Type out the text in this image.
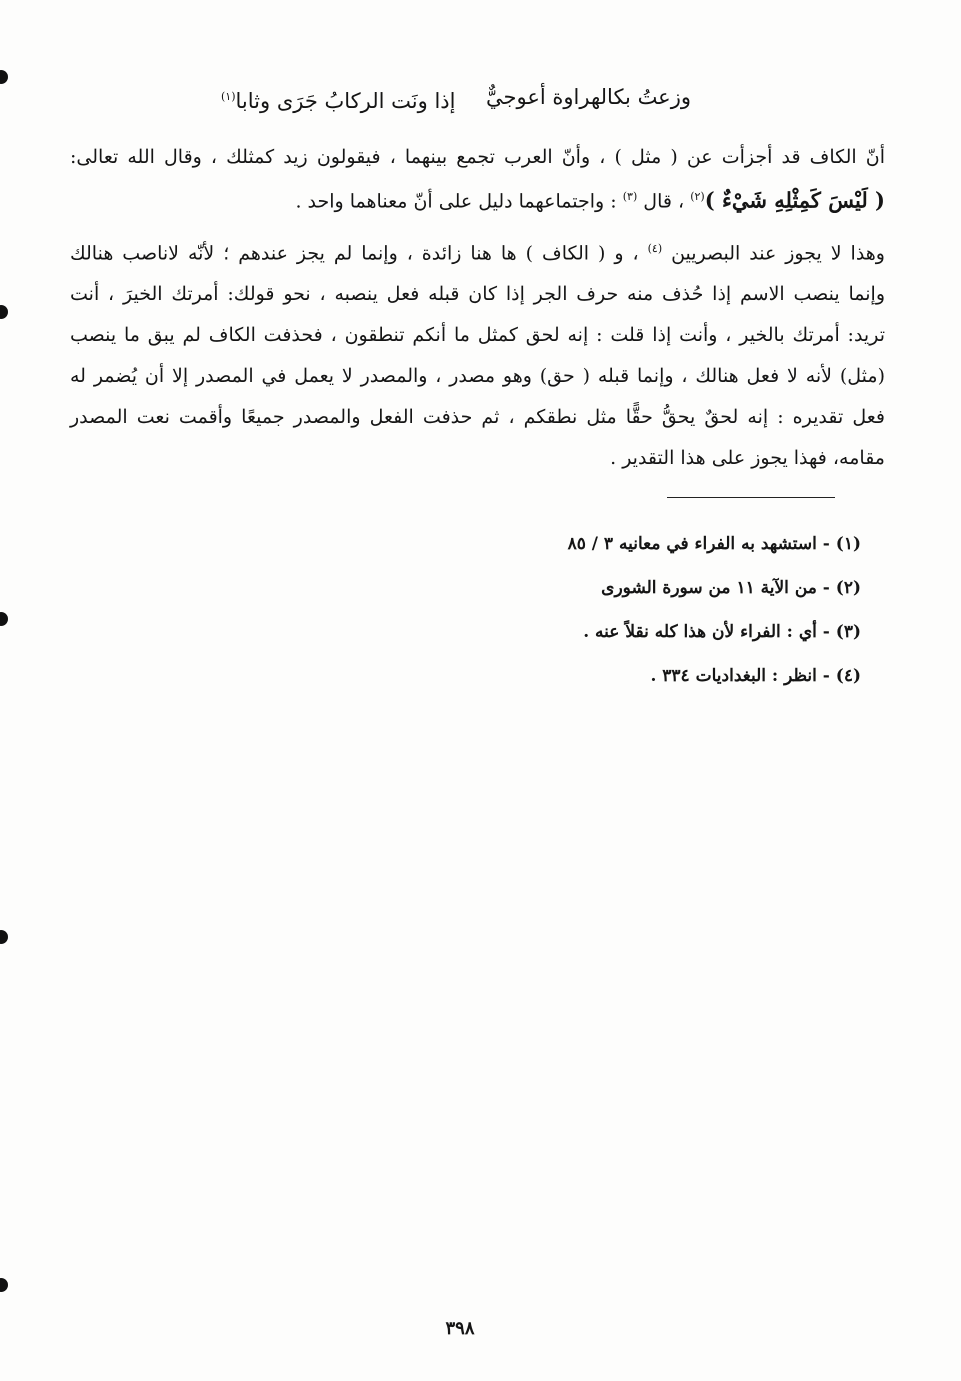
وزعتُ بكالهراوة أعوجيٌّ
إذا ونَت الركابُ جَرَى وثابا$^{(١)}$
أنّ الكاف قد أجزأت عن ( مثل ) ، وأنّ العرب تجمع بينهما ، فيقولون زيد كمثلك ، وقال الله تعالى:
( لَيْسَ كَمِثْلِهِ شَيْءٌ )$^{(٢)}$ ، قال $^{(٣)}$ : واجتماعهما دليل على أنّ معناهما واحد .
وهذا لا يجوز عند البصريين $^{(٤)}$ ، و ( الكاف ) ها هنا زائدة ، وإنما لم يجز عندهم ؛ لأنّه لاناصب هنالك
وإنما ينصب الاسم إذا حُذف منه حرف الجر إذا كان قبله فعل ينصبه ، نحو قولك: أمرتك الخيرَ ، أنت
تريد: أمرتك بالخير ، وأنت إذا قلت : إنه لحق كمثل ما أنكم تنطقون ، فحذفت الكاف لم يبق ما ينصب
(مثل) لأنه لا فعل هنالك ، وإنما قبله ( حق) وهو مصدر ، والمصدر لا يعمل في المصدر إلا أن يُضمر له
فعل تقديره : إنه لحقٌ يحقُّ حقًّا مثل نطقكم ، ثم حذفت الفعل والمصدر جميعًا وأقمت نعت المصدر
مقامه، فهذا يجوز على هذا التقدير .
(١) - استشهد به الفراء في معانيه ٣ / ٨٥
(٢) - من الآية ١١ من سورة الشورى
(٣) - أي : الفراء لأن هذا كله نقلاً عنه .
(٤) - انظر : البغداديات ٣٣٤ .
٣٩٨
